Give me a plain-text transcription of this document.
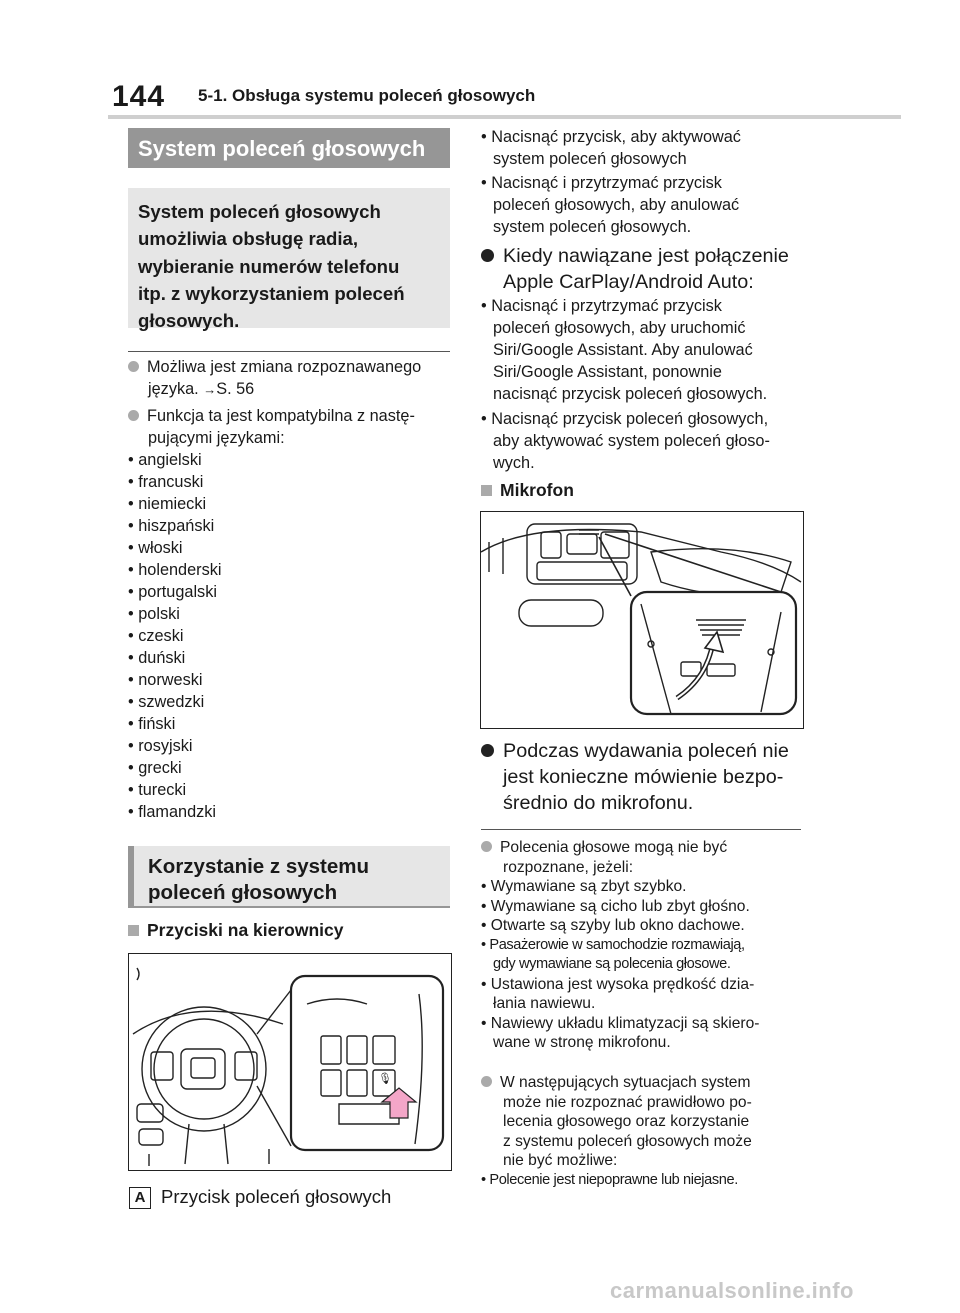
144 5-1. Obsługa systemu poleceń głosowych
System poleceń głosowych
System poleceń głosowych
umożliwia obsługę radia,
wybieranie numerów telefonu
itp. z wykorzystaniem poleceń
głosowych.
Możliwa jest zmiana rozpoznawanego
języka. →S. 56
Funkcja ta jest kompatybilna z nastę-
pującymi językami:
• angielski
• francuski
• niemiecki
• hiszpański
• włoski
• holenderski
• portugalski
• polski
• czeski
• duński
• norweski
• szwedzki
• fiński
• rosyjski
• grecki
• turecki
• flamandzki
Korzystanie z systemu
poleceń głosowych
Przyciski na kierownicy
🎙
A Przycisk poleceń głosowych
• Nacisnąć przycisk, aby aktywować
system poleceń głosowych
• Nacisnąć i przytrzymać przycisk
poleceń głosowych, aby anulować
system poleceń głosowych.
Kiedy nawiązane jest połączenie
Apple CarPlay/Android Auto:
• Nacisnąć i przytrzymać przycisk
poleceń głosowych, aby uruchomić
Siri/Google Assistant. Aby anulować
Siri/Google Assistant, ponownie
nacisnąć przycisk poleceń głosowych.
• Nacisnąć przycisk poleceń głosowych,
aby aktywować system poleceń głoso-
wych.
Mikrofon
Podczas wydawania poleceń nie
jest konieczne mówienie bezpo-
średnio do mikrofonu.
Polecenia głosowe mogą nie być
rozpoznane, jeżeli:
• Wymawiane są zbyt szybko.
• Wymawiane są cicho lub zbyt głośno.
• Otwarte są szyby lub okno dachowe.
• Pasażerowie w samochodzie rozmawiają,
gdy wymawiane są polecenia głosowe.
• Ustawiona jest wysoka prędkość dzia-
łania nawiewu.
• Nawiewy układu klimatyzacji są skiero-
wane w stronę mikrofonu.
W następujących sytuacjach system
może nie rozpoznać prawidłowo po-
lecenia głosowego oraz korzystanie
z systemu poleceń głosowych może
nie być możliwe:
• Polecenie jest niepoprawne lub niejasne.
carmanualsonline.info
